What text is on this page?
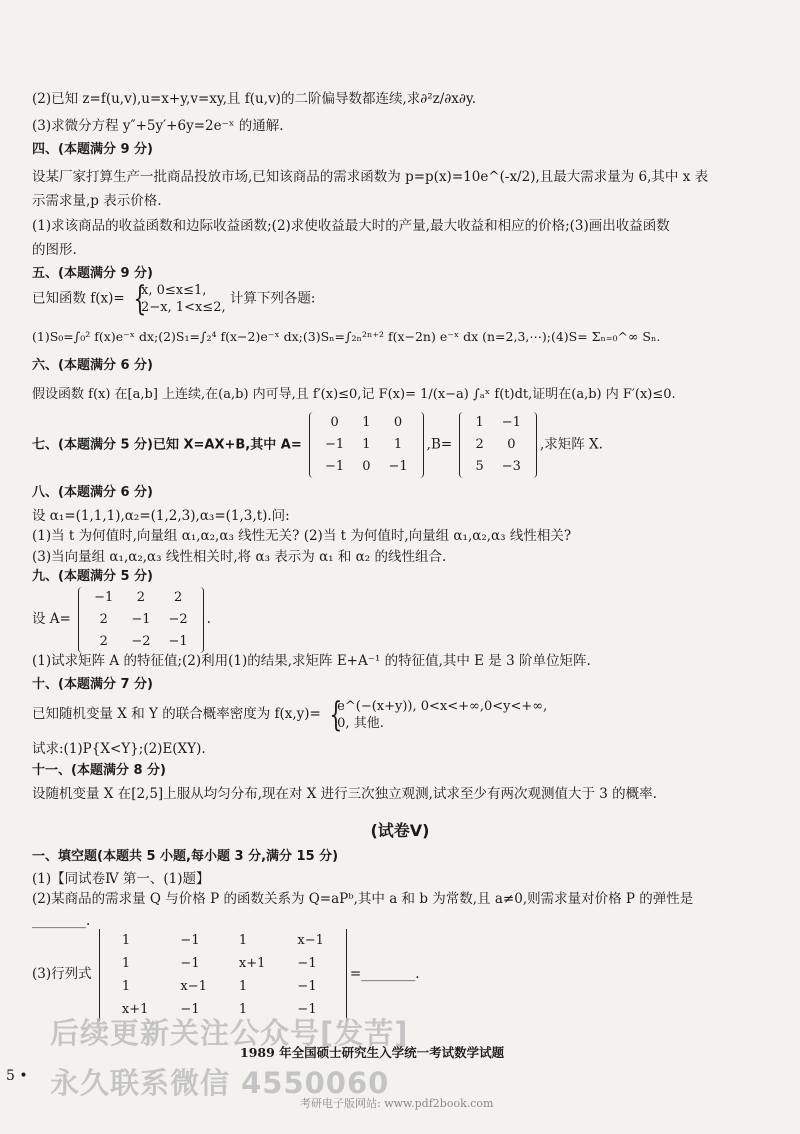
(2)已知 z=f(u,v),u=x+y,v=xy,且 f(u,v)的二阶偏导数都连续,求∂²z/∂x∂y.
(3)求微分方程 y″+5y′+6y=2e⁻ˣ 的通解.
四、(本题满分 9 分)
设某厂家打算生产一批商品投放市场,已知该商品的需求函数为 p=p(x)=10e^(-x/2),且最大需求量为 6,其中 x 表
示需求量,p 表示价格.
(1)求该商品的收益函数和边际收益函数;(2)求使收益最大时的产量,最大收益和相应的价格;(3)画出收益函数
的图形.
五、(本题满分 9 分)
已知函数 f(x)= {
x, 0≤x≤1,
2−x, 1<x≤2,
计算下列各题:
(1)S₀=∫₀² f(x)e⁻ˣ dx;(2)S₁=∫₂⁴ f(x−2)e⁻ˣ dx;(3)Sₙ=∫₂ₙ²ⁿ⁺² f(x−2n) e⁻ˣ dx (n=2,3,⋯);(4)S= Σₙ₌₀^∞ Sₙ.
六、(本题满分 6 分)
假设函数 f(x) 在[a,b] 上连续,在(a,b) 内可导,且 f′(x)≤0,记 F(x)= 1/(x−a) ∫ₐˣ f(t)dt,证明在(a,b) 内 F′(x)≤0.
七、(本题满分 5 分)已知 X=AX+B,其中 A=
0	1	0
−1	1	1
−1	0	−1
,B=
1	−1
2	0
5	−3
,求矩阵 X.
八、(本题满分 6 分)
设 α₁=(1,1,1),α₂=(1,2,3),α₃=(1,3,t).问:
(1)当 t 为何值时,向量组 α₁,α₂,α₃ 线性无关? (2)当 t 为何值时,向量组 α₁,α₂,α₃ 线性相关?
(3)当向量组 α₁,α₂,α₃ 线性相关时,将 α₃ 表示为 α₁ 和 α₂ 的线性组合.
九、(本题满分 5 分)
设 A=
−1	2	2
2	−1	−2
2	−2	−1
.
(1)试求矩阵 A 的特征值;(2)利用(1)的结果,求矩阵 E+A⁻¹ 的特征值,其中 E 是 3 阶单位矩阵.
十、(本题满分 7 分)
已知随机变量 X 和 Y 的联合概率密度为 f(x,y)= {
e^(−(x+y)), 0<x<+∞,0<y<+∞,
0, 其他.
试求:(1)P{X<Y};(2)E(XY).
十一、(本题满分 8 分)
设随机变量 X 在[2,5]上服从均匀分布,现在对 X 进行三次独立观测,试求至少有两次观测值大于 3 的概率.
(试卷Ⅴ)
一、填空题(本题共 5 小题,每小题 3 分,满分 15 分)
(1)【同试卷Ⅳ 第一、(1)题】
(2)某商品的需求量 Q 与价格 P 的函数关系为 Q=aPᵇ,其中 a 和 b 为常数,且 a≠0,则需求量对价格 P 的弹性是
________.
(3)行列式
1	−1	1	x−1
1	−1	x+1	−1
1	x−1	1	−1
x+1	−1	1	−1
=________.
后续更新关注公众号[发苦]
1989 年全国硕士研究生入学统一考试数学试题
永久联系微信 4550060
5 •
考研电子版网站: www.pdf2book.com
